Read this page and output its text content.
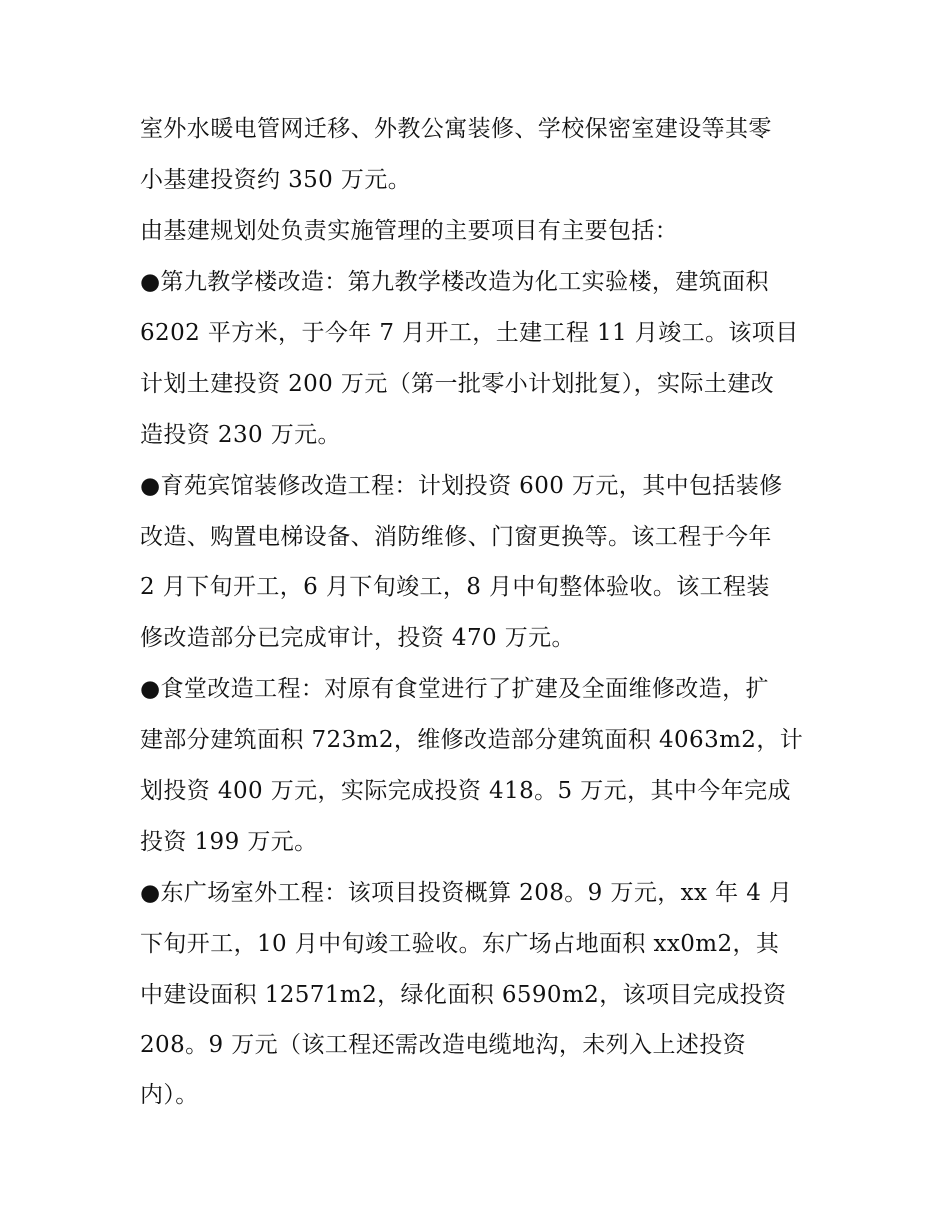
室外水暖电管网迁移、外教公寓装修、学校保密室建设等其零
小基建投资约 350 万元。
由基建规划处负责实施管理的主要项目有主要包括：
●第九教学楼改造：第九教学楼改造为化工实验楼，建筑面积
6202 平方米，于今年 7 月开工，土建工程 11 月竣工。该项目
计划土建投资 200 万元（第一批零小计划批复），实际土建改
造投资 230 万元。
●育苑宾馆装修改造工程：计划投资 600 万元，其中包括装修
改造、购置电梯设备、消防维修、门窗更换等。该工程于今年
2 月下旬开工，6 月下旬竣工，8 月中旬整体验收。该工程装
修改造部分已完成审计，投资 470 万元。
●食堂改造工程：对原有食堂进行了扩建及全面维修改造，扩
建部分建筑面积 723m2，维修改造部分建筑面积 4063m2，计
划投资 400 万元，实际完成投资 418。5 万元，其中今年完成
投资 199 万元。
●东广场室外工程：该项目投资概算 208。9 万元，xx 年 4 月
下旬开工，10 月中旬竣工验收。东广场占地面积 xx0m2，其
中建设面积 12571m2，绿化面积 6590m2，该项目完成投资
208。9 万元（该工程还需改造电缆地沟，未列入上述投资
内）。
